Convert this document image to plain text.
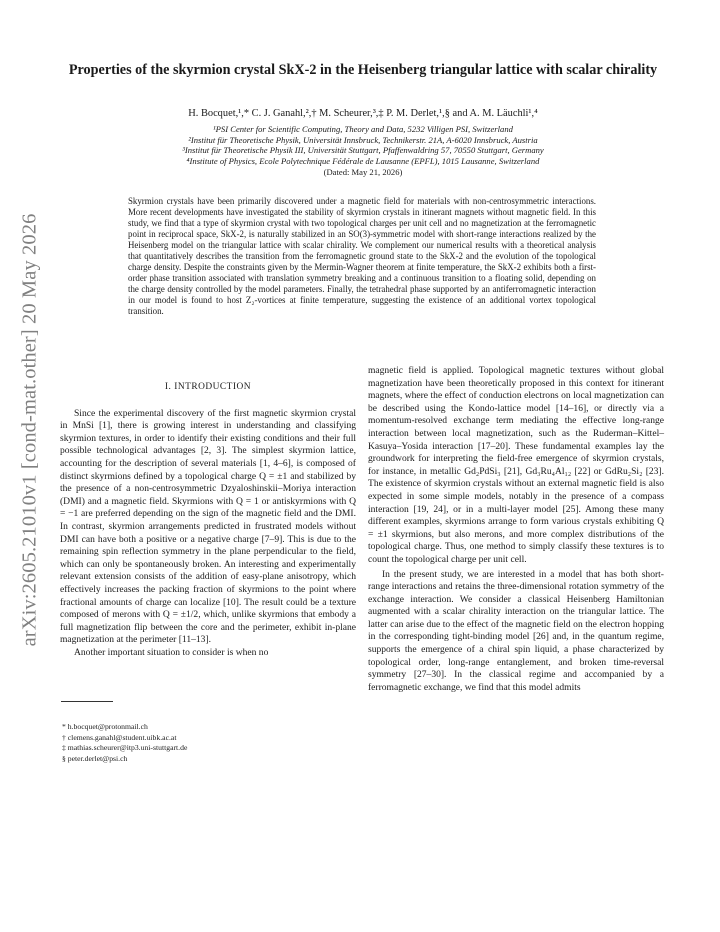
arXiv:2605.21010v1 [cond-mat.other] 20 May 2026
Properties of the skyrmion crystal SkX-2 in the Heisenberg triangular lattice with scalar chirality
H. Bocquet,¹,* C. J. Ganahl,²,† M. Scheurer,³,‡ P. M. Derlet,¹,§ and A. M. Läuchli¹,⁴
¹PSI Center for Scientific Computing, Theory and Data, 5232 Villigen PSI, Switzerland
²Institut für Theoretische Physik, Universität Innsbruck, Technikerstr. 21A, A-6020 Innsbruck, Austria
³Institut für Theoretische Physik III, Universität Stuttgart, Pfaffenwaldring 57, 70550 Stuttgart, Germany
⁴Institute of Physics, Ecole Polytechnique Fédérale de Lausanne (EPFL), 1015 Lausanne, Switzerland
(Dated: May 21, 2026)
Skyrmion crystals have been primarily discovered under a magnetic field for materials with non-centrosymmetric interactions. More recent developments have investigated the stability of skyrmion crystals in itinerant magnets without magnetic field. In this study, we find that a type of skyrmion crystal with two topological charges per unit cell and no magnetization at the ferromagnetic point in reciprocal space, SkX-2, is naturally stabilized in an SO(3)-symmetric model with short-range interactions realized by the Heisenberg model on the triangular lattice with scalar chirality. We complement our numerical results with a theoretical analysis that quantitatively describes the transition from the ferromagnetic ground state to the SkX-2 and the evolution of the topological charge density. Despite the constraints given by the Mermin-Wagner theorem at finite temperature, the SkX-2 exhibits both a first-order phase transition associated with translation symmetry breaking and a continuous transition to a floating solid, depending on the charge density controlled by the model parameters. Finally, the tetrahedral phase supported by an antiferromagnetic interaction in our model is found to host Z₂-vortices at finite temperature, suggesting the existence of an additional vortex topological transition.
I. INTRODUCTION

Since the experimental discovery of the first magnetic skyrmion crystal in MnSi [1], there is growing interest in understanding and classifying skyrmion textures, in order to identify their existing conditions and their full possible technological advantages [2, 3]. The simplest skyrmion lattice, accounting for the description of several materials [1, 4–6], is composed of distinct skyrmions defined by a topological charge Q = ±1 and stabilized by the presence of a non-centrosymmetric Dzyaloshinskii–Moriya interaction (DMI) and a magnetic field. Skyrmions with Q = 1 or antiskyrmions with Q = −1 are preferred depending on the sign of the magnetic field and the DMI. In contrast, skyrmion arrangements predicted in frustrated models without DMI can have both a positive or a negative charge [7–9]. This is due to the remaining spin reflection symmetry in the plane perpendicular to the field, which can only be spontaneously broken. An interesting and experimentally relevant extension consists of the addition of easy-plane anisotropy, which effectively increases the packing fraction of skyrmions to the point where fractional amounts of charge can localize [10]. The result could be a texture composed of merons with Q = ±1/2, which, unlike skyrmions that embody a full magnetization flip between the core and the perimeter, exhibit in-plane magnetization at the perimeter [11–13].

Another important situation to consider is when no

* h.bocquet@protonmail.ch
† clemens.ganahl@student.uibk.ac.at
‡ mathias.scheurer@itp3.uni-stuttgart.de
§ peter.derlet@psi.ch

magnetic field is applied. Topological magnetic textures without global magnetization have been theoretically proposed in this context for itinerant magnets, where the effect of conduction electrons on local magnetization can be described using the Kondo-lattice model [14–16], or directly via a momentum-resolved exchange term mediating the effective long-range interaction between local magnetization, such as the Ruderman–Kittel–Kasuya–Yosida interaction [17–20]. These fundamental examples lay the groundwork for interpreting the field-free emergence of skyrmion crystals, for instance, in metallic Gd₂PdSi₃ [21], Gd₃Ru₄Al₁₂ [22] or GdRu₂Si₂ [23]. The existence of skyrmion crystals without an external magnetic field is also expected in some simple models, notably in the presence of a compass interaction [19, 24], or in a multi-layer model [25]. Among these many different examples, skyrmions arrange to form various crystals exhibiting Q = ±1 skyrmions, but also merons, and more complex distributions of the topological charge. Thus, one method to simply classify these textures is to count the topological charge per unit cell.

In the present study, we are interested in a model that has both short-range interactions and retains the three-dimensional rotation symmetry of the exchange interaction. We consider a classical Heisenberg Hamiltonian augmented with a scalar chirality interaction on the triangular lattice. The latter can arise due to the effect of the magnetic field on the electron hopping in the corresponding tight-binding model [26] and, in the quantum regime, supports the emergence of a chiral spin liquid, a phase characterized by topological order, long-range entanglement, and broken time-reversal symmetry [27–30]. In the classical regime and accompanied by a ferromagnetic exchange, we find that this model admits
